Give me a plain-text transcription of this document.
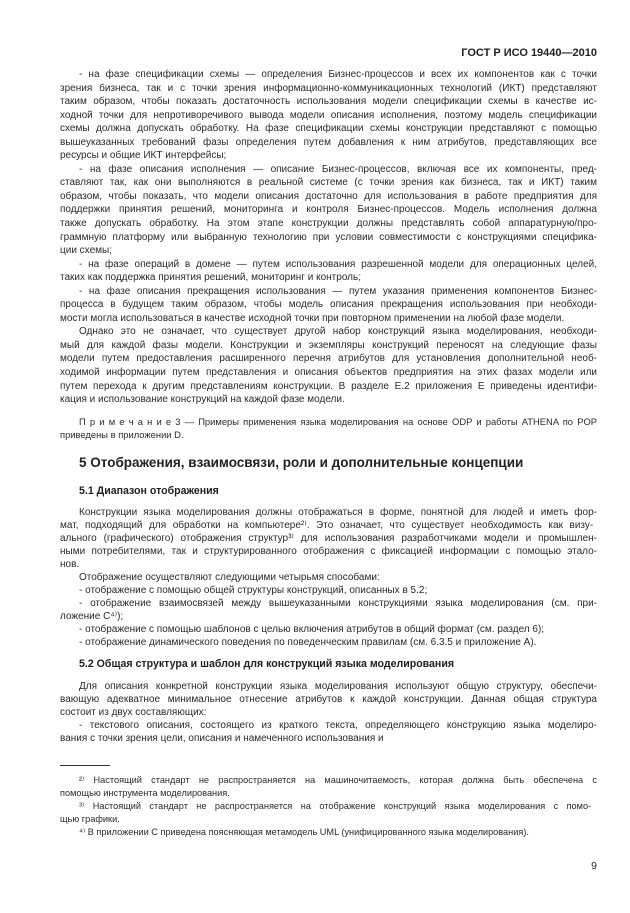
ГОСТ Р ИСО 19440—2010
- на фазе спецификации схемы — определения Бизнес-процессов и всех их компонентов как с точки
зрения бизнеса, так и с точки зрения информационно-коммуникационных технологий (ИКТ) представляют
таким образом, чтобы показать достаточность использования модели спецификации схемы в качестве ис-
ходной точки для непротиворечивого вывода модели описания исполнения, поэтому модель спецификации
схемы должна допускать обработку. На фазе спецификации схемы конструкции представляют с помощью
вышеуказанных требований фазы определения путем добавления к ним атрибутов, представляющих все
ресурсы и общие ИКТ интерфейсы;
- на фазе описания исполнения — описание Бизнес-процессов, включая все их компоненты, пред-
ставляют так, как они выполняются в реальной системе (с точки зрения как бизнеса, так и ИКТ) таким
образом, чтобы показать, что модели описания достаточно для использования в работе предприятия для
поддержки принятия решений, мониторинга и контроля Бизнес-процессов. Модель исполнения должна
также допускать обработку. На этом этапе конструкции должны представлять собой аппаратурную/про-
граммную платформу или выбранную технологию при условии совместимости с конструкциями специфика-
ции схемы;
- на фазе операций в домене — путем использования разрешенной модели для операционных целей,
таких как поддержка принятия решений, мониторинг и контроль;
- на фазе описания прекращения использования — путем указания применения компонентов Бизнес-
процесса в будущем таким образом, чтобы модель описания прекращения использования при необходи-
мости могла использоваться в качестве исходной точки при повторном применении на любой фазе модели.
Однако это не означает, что существует другой набор конструкций языка моделирования, необходи-
мый для каждой фазы модели. Конструкции и экземпляры конструкций переносят на следующие фазы
модели путем предоставления расширенного перечня атрибутов для установления дополнительной необ-
ходимой информации путем представления и описания объектов предприятия на этих фазах модели или
путем перехода к другим представлениям конструкции. В разделе Е.2 приложения Е приведены идентифи-
кация и использование конструкций на каждой фазе модели.
П р и м е ч а н и е 3 — Примеры применения языка моделирования на основе ODP и работы ATHENA по POP
приведены в приложении D.
5 Отображения, взаимосвязи, роли и дополнительные концепции
5.1 Диапазон отображения
Конструкции языка моделирования должны отображаться в форме, понятной для людей и иметь фор-
мат, подходящий для обработки на компьютере²⁾. Это означает, что существует необходимость как визу-
ального (графического) отображения структур³⁾ для использования разработчиками модели и промышлен-
ными потребителями, так и структурированного отображения с фиксацией информации с помощью этало-
нов.
Отображение осуществляют следующими четырьмя способами:
- отображение с помощью общей структуры конструкций, описанных в 5.2;
- отображение взаимосвязей между вышеуказанными конструкциями языка моделирования (см. при-
ложение С⁴⁾);
- отображение с помощью шаблонов с целью включения атрибутов в общий формат (см. раздел 6);
- отображение динамического поведения по поведенческим правилам (см. 6.3.5 и приложение А).
5.2 Общая структура и шаблон для конструкций языка моделирования
Для описания конкретной конструкции языка моделирования используют общую структуру, обеспечи-
вающую адекватное минимальное отнесение атрибутов к каждой конструкции. Данная общая структура
состоит из двух составляющих:
- текстового описания, состоящего из краткого текста, определяющего конструкцию языка моделиро-
вания с точки зрения цели, описания и намеченного использования и
²⁾ Настоящий стандарт не распространяется на машиночитаемость, которая должна быть обеспечена с
помощью инструмента моделирования.
³⁾ Настоящий стандарт не распространяется на отображение конструкций языка моделирования с помо-
щью графики.
⁴⁾ В приложении С приведена поясняющая метамодель UML (унифицированного языка моделирования).
9
